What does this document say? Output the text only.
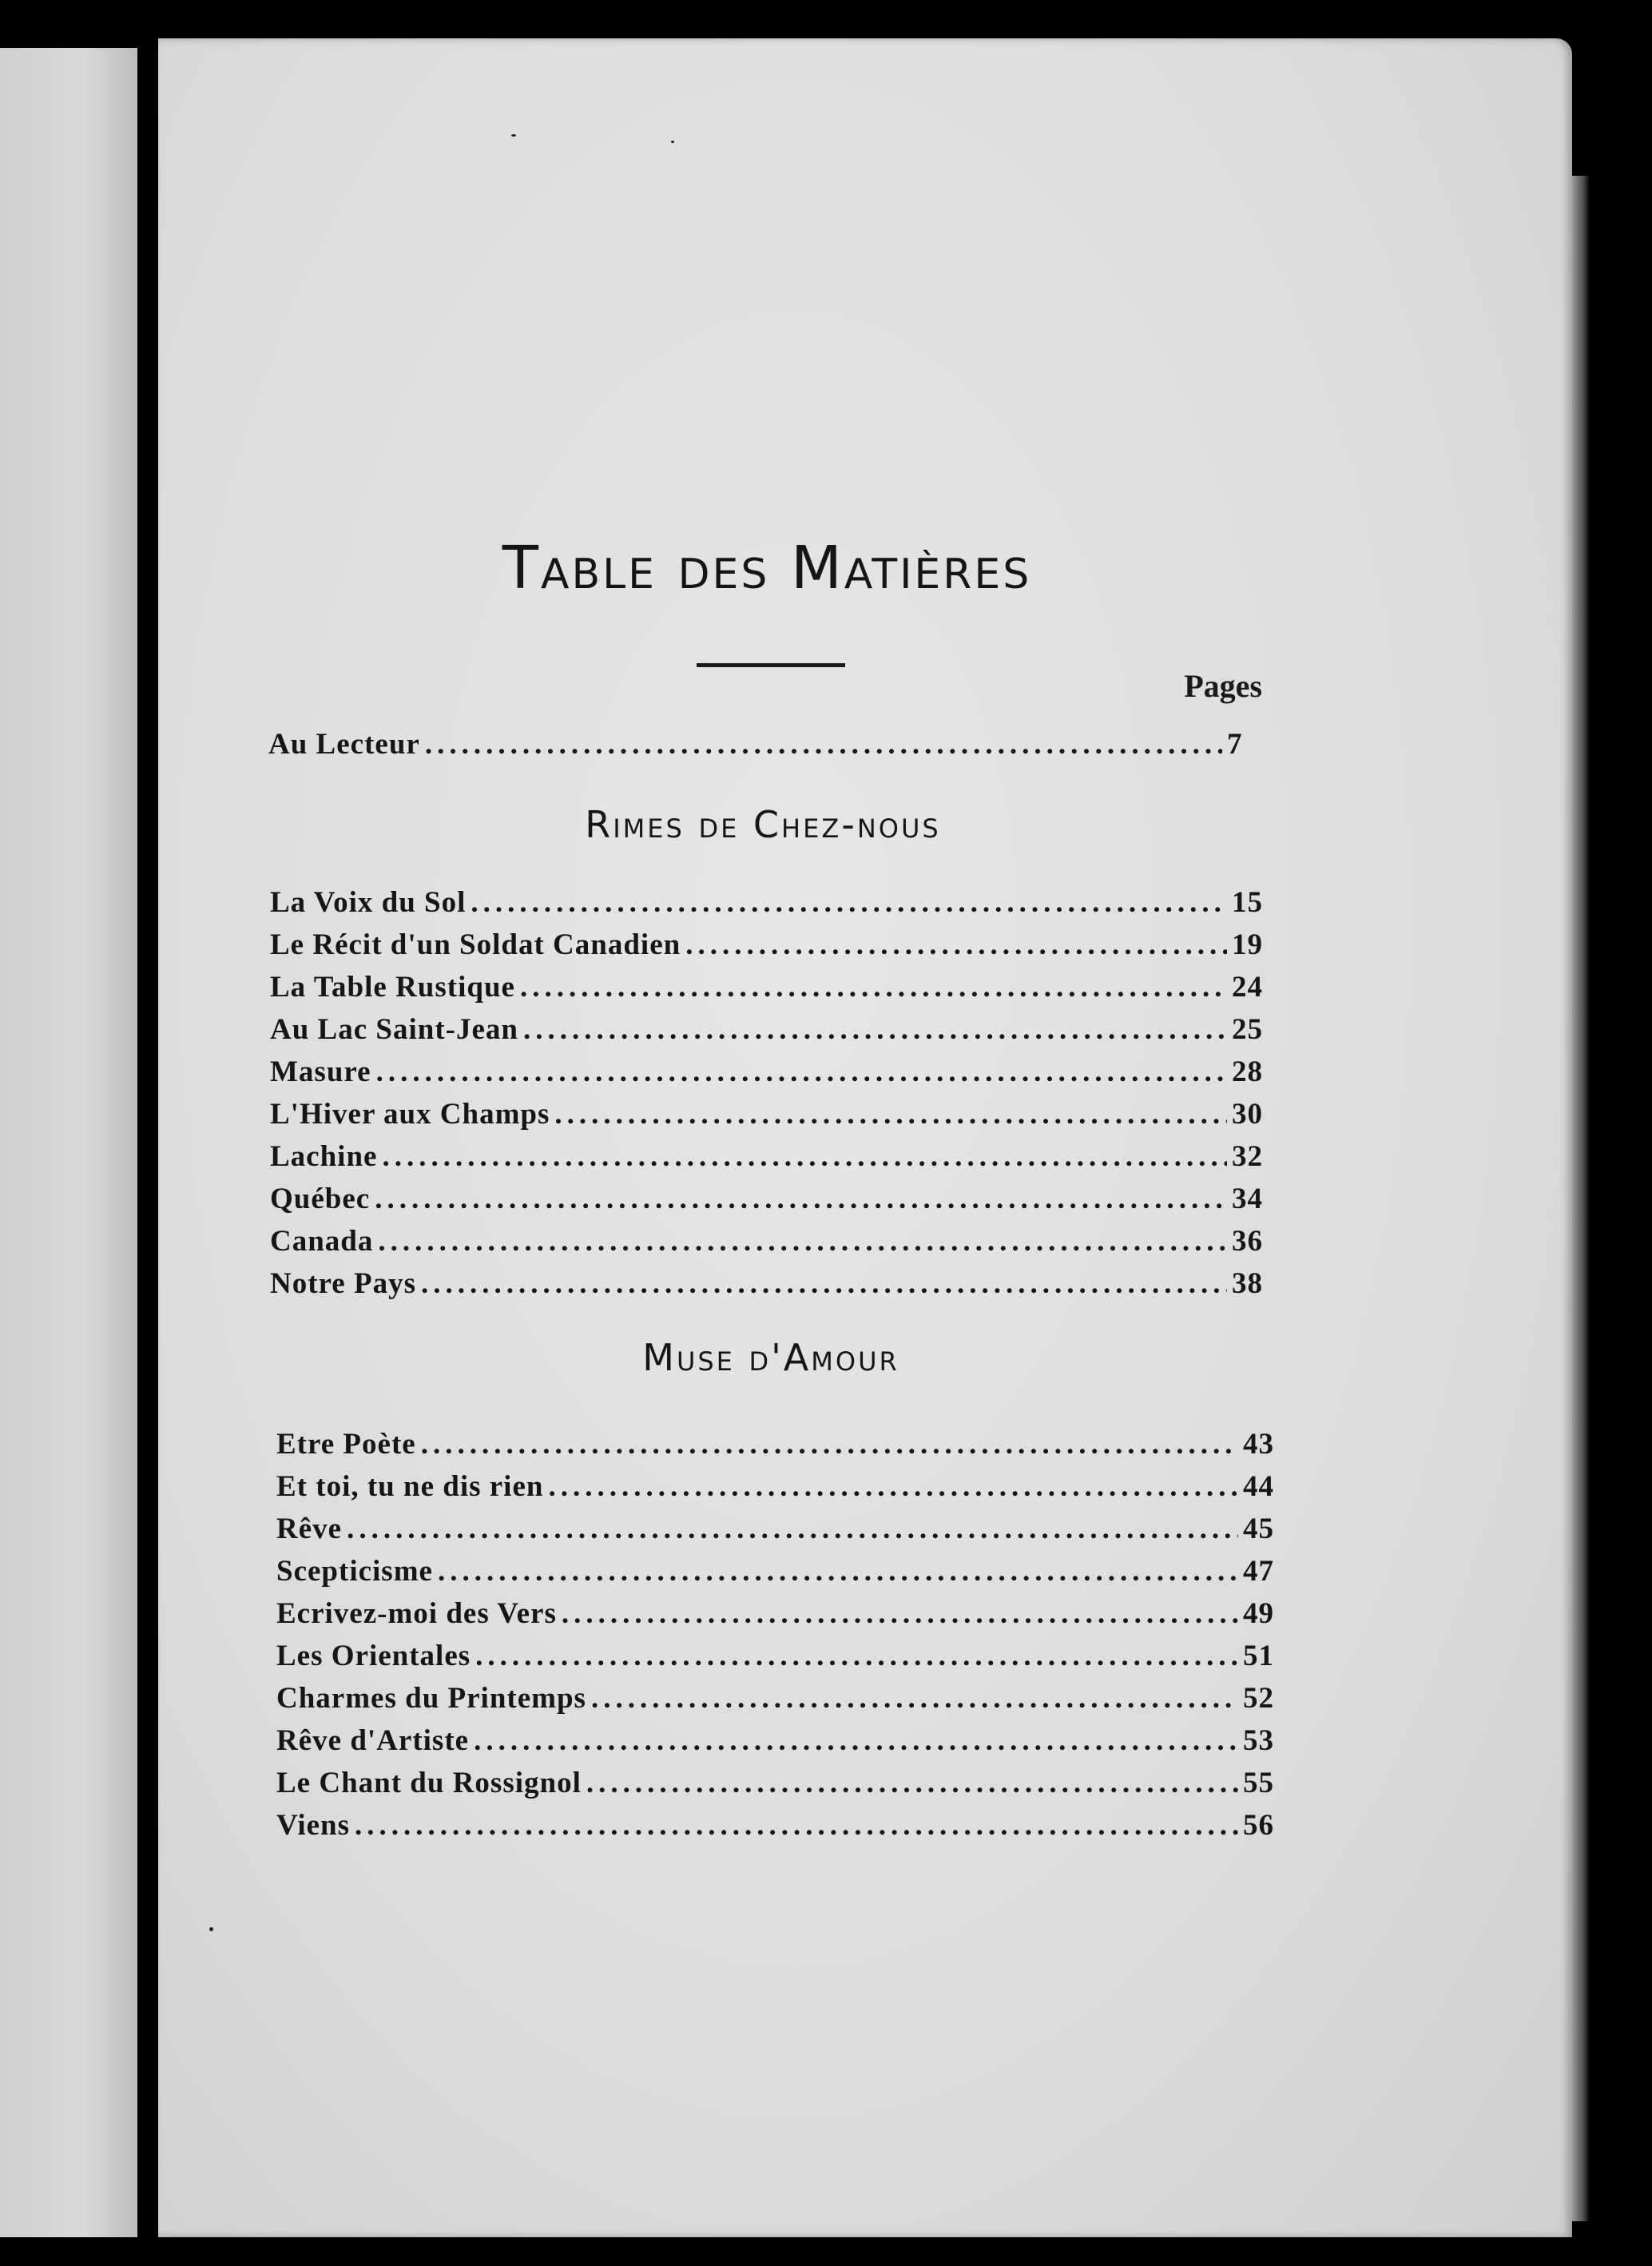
Table des Matières
Pages
Au Lecteur .....	7
Rimes de Chez-nous
La Voix du Sol .....	15
Le Récit d'un Soldat Canadien .....	19
La Table Rustique .....	24
Au Lac Saint-Jean .....	25
Masure .....	28
L'Hiver aux Champs .....	30
Lachine .....	32
Québec .....	34
Canada .....	36
Notre Pays .....	38
Muse d'Amour
Etre Poète .....	43
Et toi, tu ne dis rien .....	44
Rêve .....	45
Scepticisme .....	47
Ecrivez-moi des Vers .....	49
Les Orientales .....	51
Charmes du Printemps .....	52
Rêve d'Artiste .....	53
Le Chant du Rossignol .....	55
Viens .....	56
